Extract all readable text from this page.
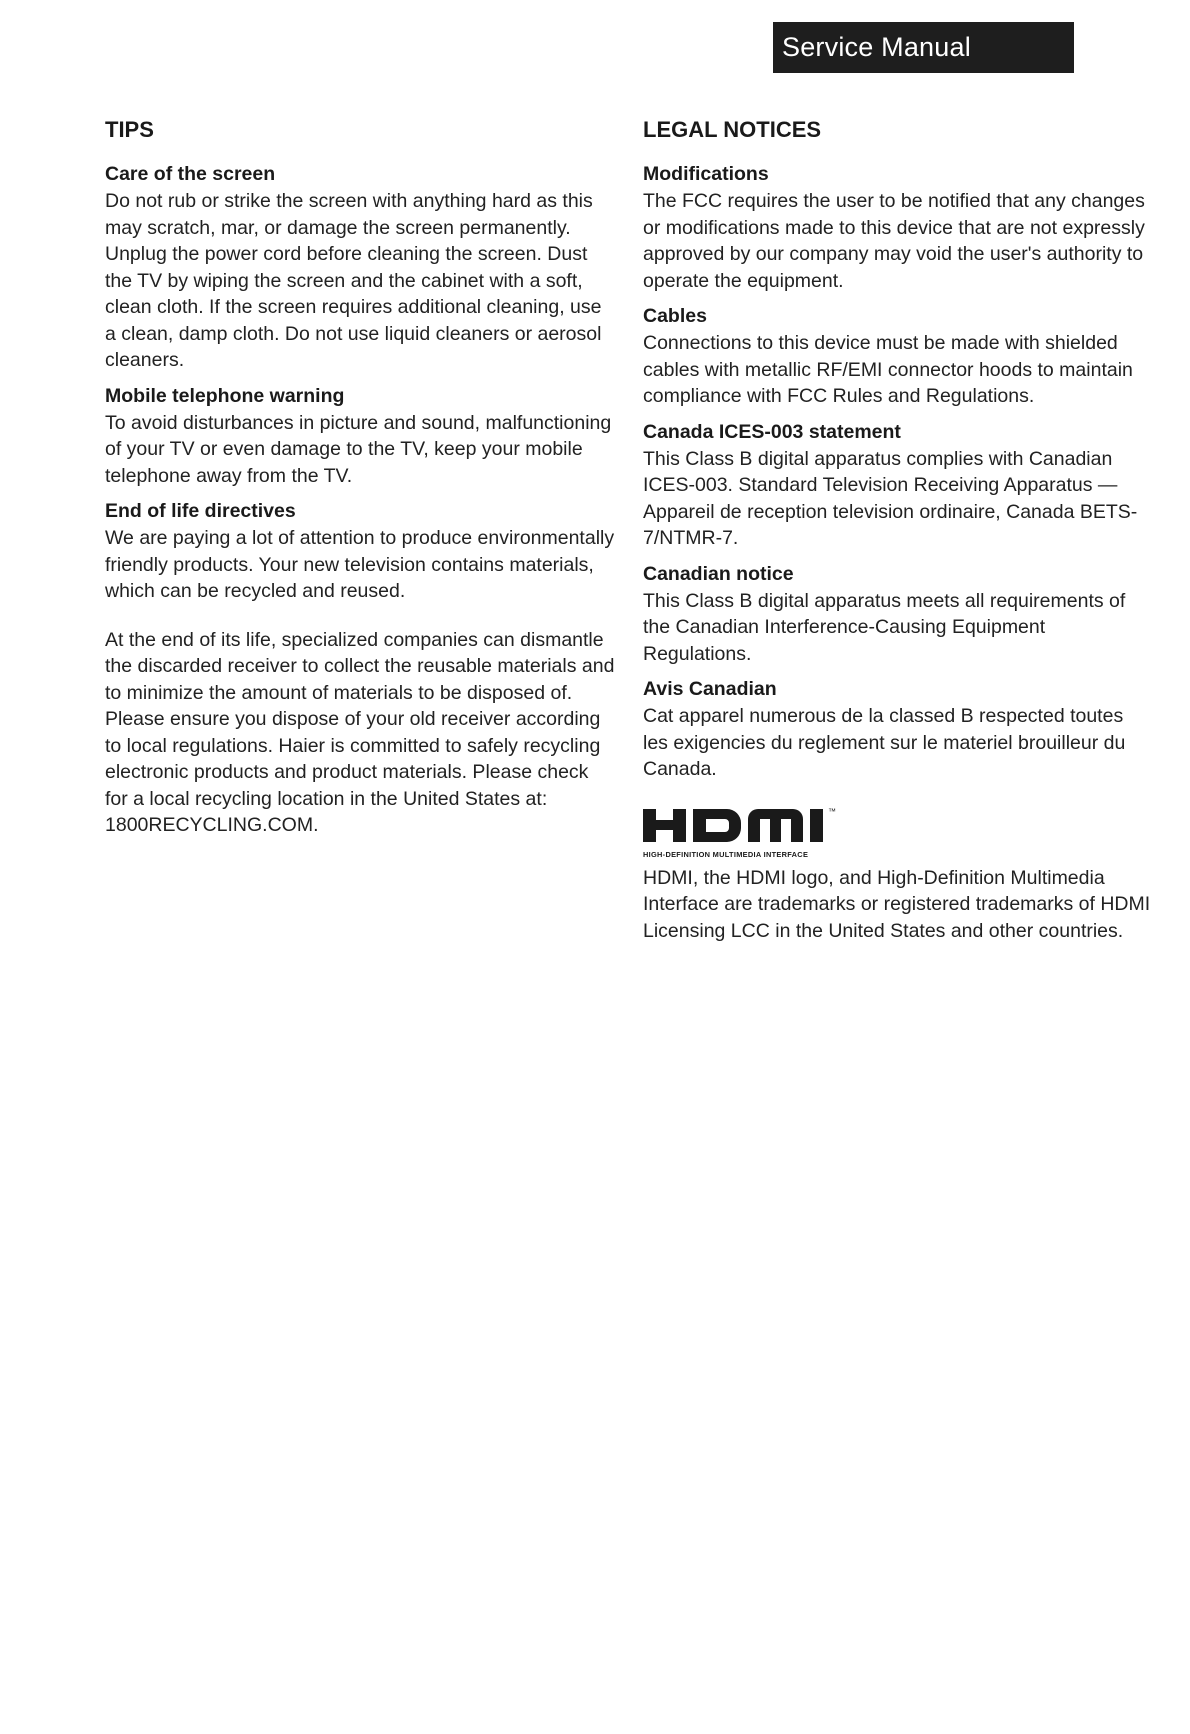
Service Manual
TIPS
Care of the screen

Do not rub or strike the screen with anything hard as this may scratch, mar, or damage the screen permanently.

Unplug the power cord before cleaning the screen. Dust the TV by wiping the screen and the cabinet with a soft, clean cloth. If the screen requires additional cleaning, use a clean, damp cloth. Do not use liquid cleaners or aerosol cleaners.

Mobile telephone warning

To avoid disturbances in picture and sound, malfunctioning of your TV or even damage to the TV, keep your mobile telephone away from the TV.

End of life directives

We are paying a lot of attention to produce environmentally friendly products. Your new television contains materials, which can be recycled and reused.

At the end of its life, specialized companies can dismantle the discarded receiver to collect the reusable materials and to minimize the amount of materials to be disposed of.

Please ensure you dispose of your old receiver according to local regulations. Haier is committed to safely recycling electronic products and product materials. Please check for a local recycling location in the United States at: 1800RECYCLING.COM.

LEGAL NOTICES
Modifications

The FCC requires the user to be notified that any changes or modifications made to this device that are not expressly approved by our company may void the user's authority to operate the equipment.

Cables

Connections to this device must be made with shielded cables with metallic RF/EMI connector hoods to maintain compliance with FCC Rules and Regulations.

Canada ICES-003 statement

This Class B digital apparatus complies with Canadian ICES-003. Standard Television Receiving Apparatus — Appareil de reception television ordinaire, Canada BETS- 7/NTMR-7.

Canadian notice

This Class B digital apparatus meets all requirements of the Canadian Interference-Causing Equipment Regulations.

Avis Canadian

Cat apparel numerous de la classed B respected toutes les exigencies du reglement sur le materiel brouilleur du Canada.

™
HIGH-DEFINITION MULTIMEDIA INTERFACE

HDMI, the HDMI logo, and High-Definition Multimedia Interface are trademarks or registered trademarks of HDMI Licensing LCC in the United States and other countries.
